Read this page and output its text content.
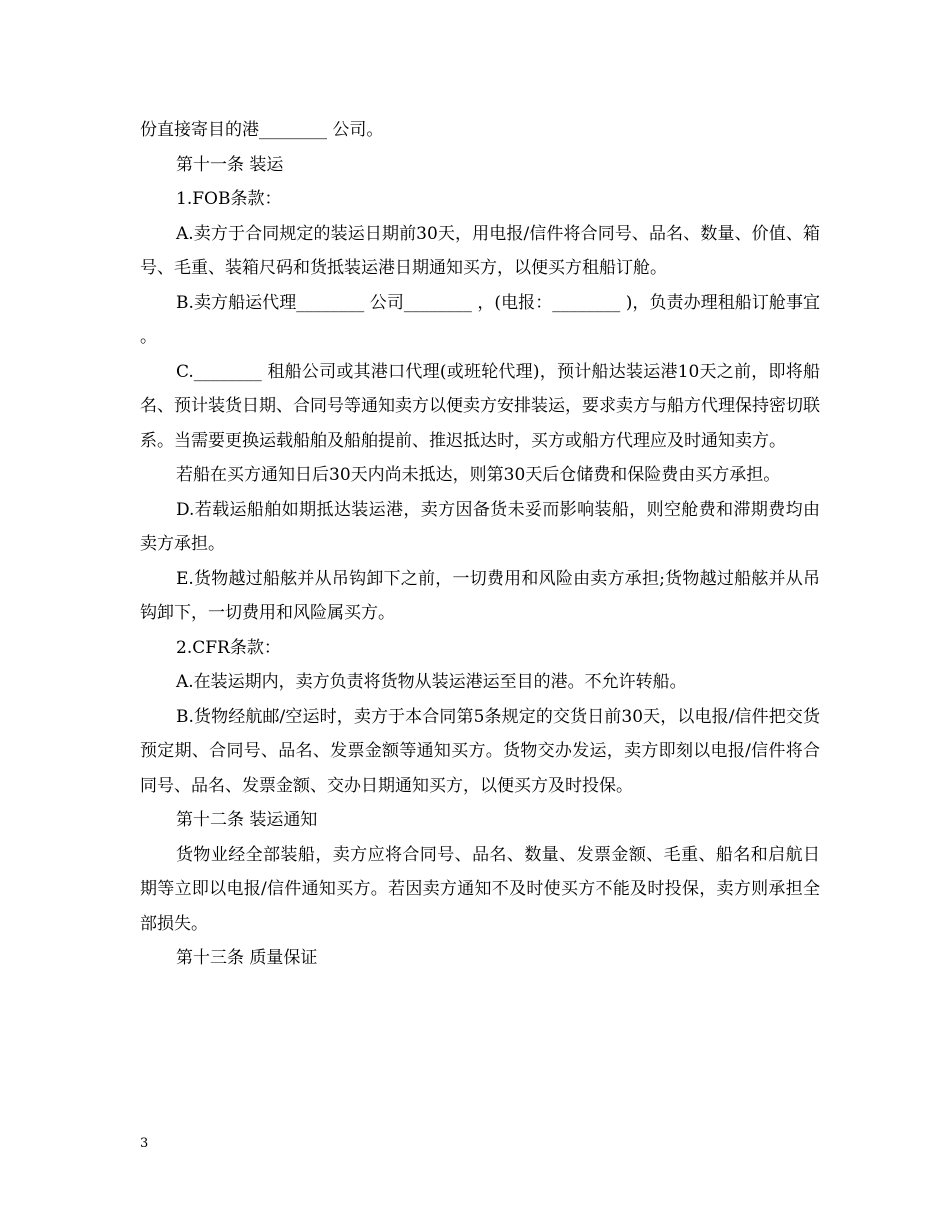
份直接寄目的港________ 公司。

第十一条 装运

1.FOB条款：

A.卖方于合同规定的装运日期前30天，用电报/信件将合同号、品名、数量、价值、箱号、毛重、装箱尺码和货抵装运港日期通知买方，以便买方租船订舱。

B.卖方船运代理________ 公司________ ，(电报：________ )，负责办理租船订舱事宜。

C.________ 租船公司或其港口代理(或班轮代理)，预计船达装运港10天之前，即将船名、预计装货日期、合同号等通知卖方以便卖方安排装运，要求卖方与船方代理保持密切联系。当需要更换运载船舶及船舶提前、推迟抵达时，买方或船方代理应及时通知卖方。

若船在买方通知日后30天内尚未抵达，则第30天后仓储费和保险费由买方承担。

D.若载运船舶如期抵达装运港，卖方因备货未妥而影响装船，则空舱费和滞期费均由卖方承担。

E.货物越过船舷并从吊钩卸下之前，一切费用和风险由卖方承担;货物越过船舷并从吊钩卸下，一切费用和风险属买方。

2.CFR条款：

A.在装运期内，卖方负责将货物从装运港运至目的港。不允许转船。

B.货物经航邮/空运时，卖方于本合同第5条规定的交货日前30天，以电报/信件把交货预定期、合同号、品名、发票金额等通知买方。货物交办发运，卖方即刻以电报/信件将合同号、品名、发票金额、交办日期通知买方，以便买方及时投保。

第十二条 装运通知

货物业经全部装船，卖方应将合同号、品名、数量、发票金额、毛重、船名和启航日期等立即以电报/信件通知买方。若因卖方通知不及时使买方不能及时投保，卖方则承担全部损失。

第十三条 质量保证

3
